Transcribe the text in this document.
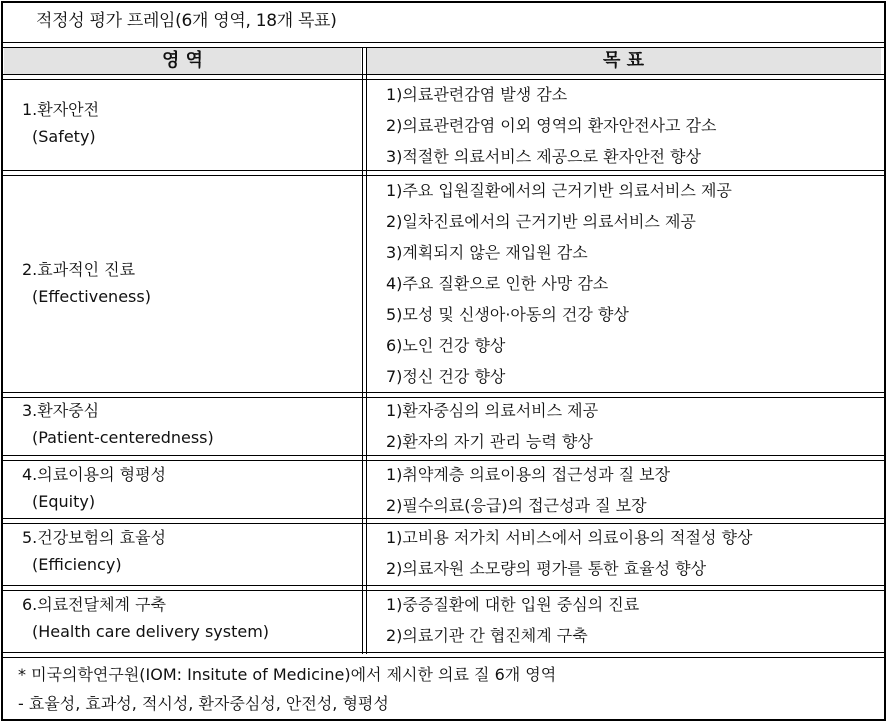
적정성 평가 프레임(6개 영역, 18개 목표)
영 역	목 표
1.환자안전
(Safety)
1)의료관련감염 발생 감소
2)의료관련감염 이외 영역의 환자안전사고 감소
3)적절한 의료서비스 제공으로 환자안전 향상
2.효과적인 진료
(Effectiveness)
1)주요 입원질환에서의 근거기반 의료서비스 제공
2)일차진료에서의 근거기반 의료서비스 제공
3)계획되지 않은 재입원 감소
4)주요 질환으로 인한 사망 감소
5)모성 및 신생아·아동의 건강 향상
6)노인 건강 향상
7)정신 건강 향상
3.환자중심
(Patient-centeredness)
1)환자중심의 의료서비스 제공
2)환자의 자기 관리 능력 향상
4.의료이용의 형평성
(Equity)
1)취약계층 의료이용의 접근성과 질 보장
2)필수의료(응급)의 접근성과 질 보장
5.건강보험의 효율성
(Efficiency)
1)고비용 저가치 서비스에서 의료이용의 적절성 향상
2)의료자원 소모량의 평가를 통한 효율성 향상
6.의료전달체계 구축
(Health care delivery system)
1)중증질환에 대한 입원 중심의 진료
2)의료기관 간 협진체계 구축
* 미국의학연구원(IOM: Insitute of Medicine)에서 제시한 의료 질 6개 영역
- 효율성, 효과성, 적시성, 환자중심성, 안전성, 형평성
